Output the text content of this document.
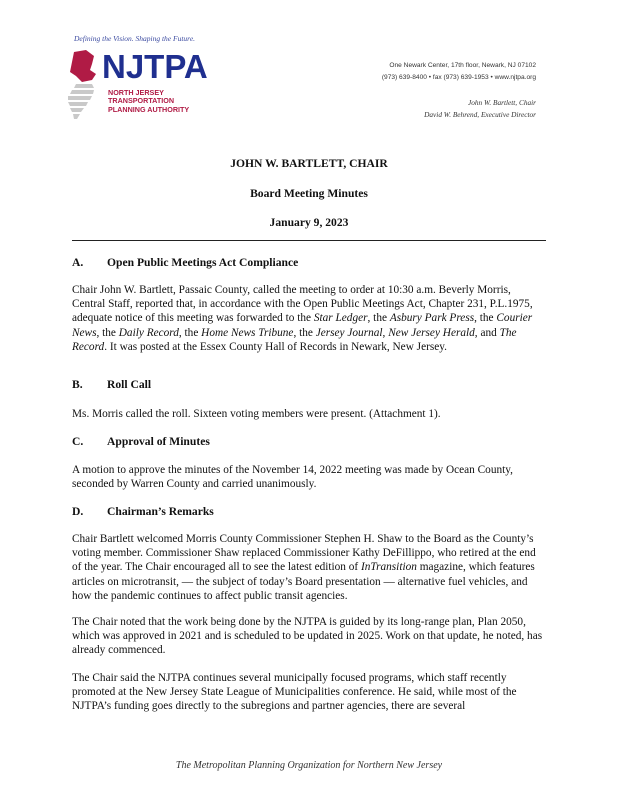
Defining the Vision. Shaping the Future.
NJTPA
NORTH JERSEY
TRANSPORTATION
PLANNING AUTHORITY
One Newark Center, 17th floor, Newark, NJ 07102
(973) 639-8400 • fax (973) 639-1953 • www.njtpa.org
John W. Bartlett, Chair
David W. Behrend, Executive Director
JOHN W. BARTLETT, CHAIR
Board Meeting Minutes
January 9, 2023
A. Open Public Meetings Act Compliance
Chair John W. Bartlett, Passaic County, called the meeting to order at 10:30 a.m. Beverly Morris, Central Staff, reported that, in accordance with the Open Public Meetings Act, Chapter 231, P.L.1975, adequate notice of this meeting was forwarded to the Star Ledger, the Asbury Park Press, the Courier News, the Daily Record, the Home News Tribune, the Jersey Journal, New Jersey Herald, and The Record. It was posted at the Essex County Hall of Records in Newark, New Jersey.
B. Roll Call
Ms. Morris called the roll. Sixteen voting members were present. (Attachment 1).
C. Approval of Minutes
A motion to approve the minutes of the November 14, 2022 meeting was made by Ocean County, seconded by Warren County and carried unanimously.
D. Chairman’s Remarks
Chair Bartlett welcomed Morris County Commissioner Stephen H. Shaw to the Board as the County’s voting member. Commissioner Shaw replaced Commissioner Kathy DeFillippo, who retired at the end of the year. The Chair encouraged all to see the latest edition of InTransition magazine, which features articles on microtransit, — the subject of today’s Board presentation — alternative fuel vehicles, and how the pandemic continues to affect public transit agencies.
The Chair noted that the work being done by the NJTPA is guided by its long-range plan, Plan 2050, which was approved in 2021 and is scheduled to be updated in 2025. Work on that update, he noted, has already commenced.
The Chair said the NJTPA continues several municipally focused programs, which staff recently promoted at the New Jersey State League of Municipalities conference. He said, while most of the NJTPA’s funding goes directly to the subregions and partner agencies, there are several
The Metropolitan Planning Organization for Northern New Jersey
